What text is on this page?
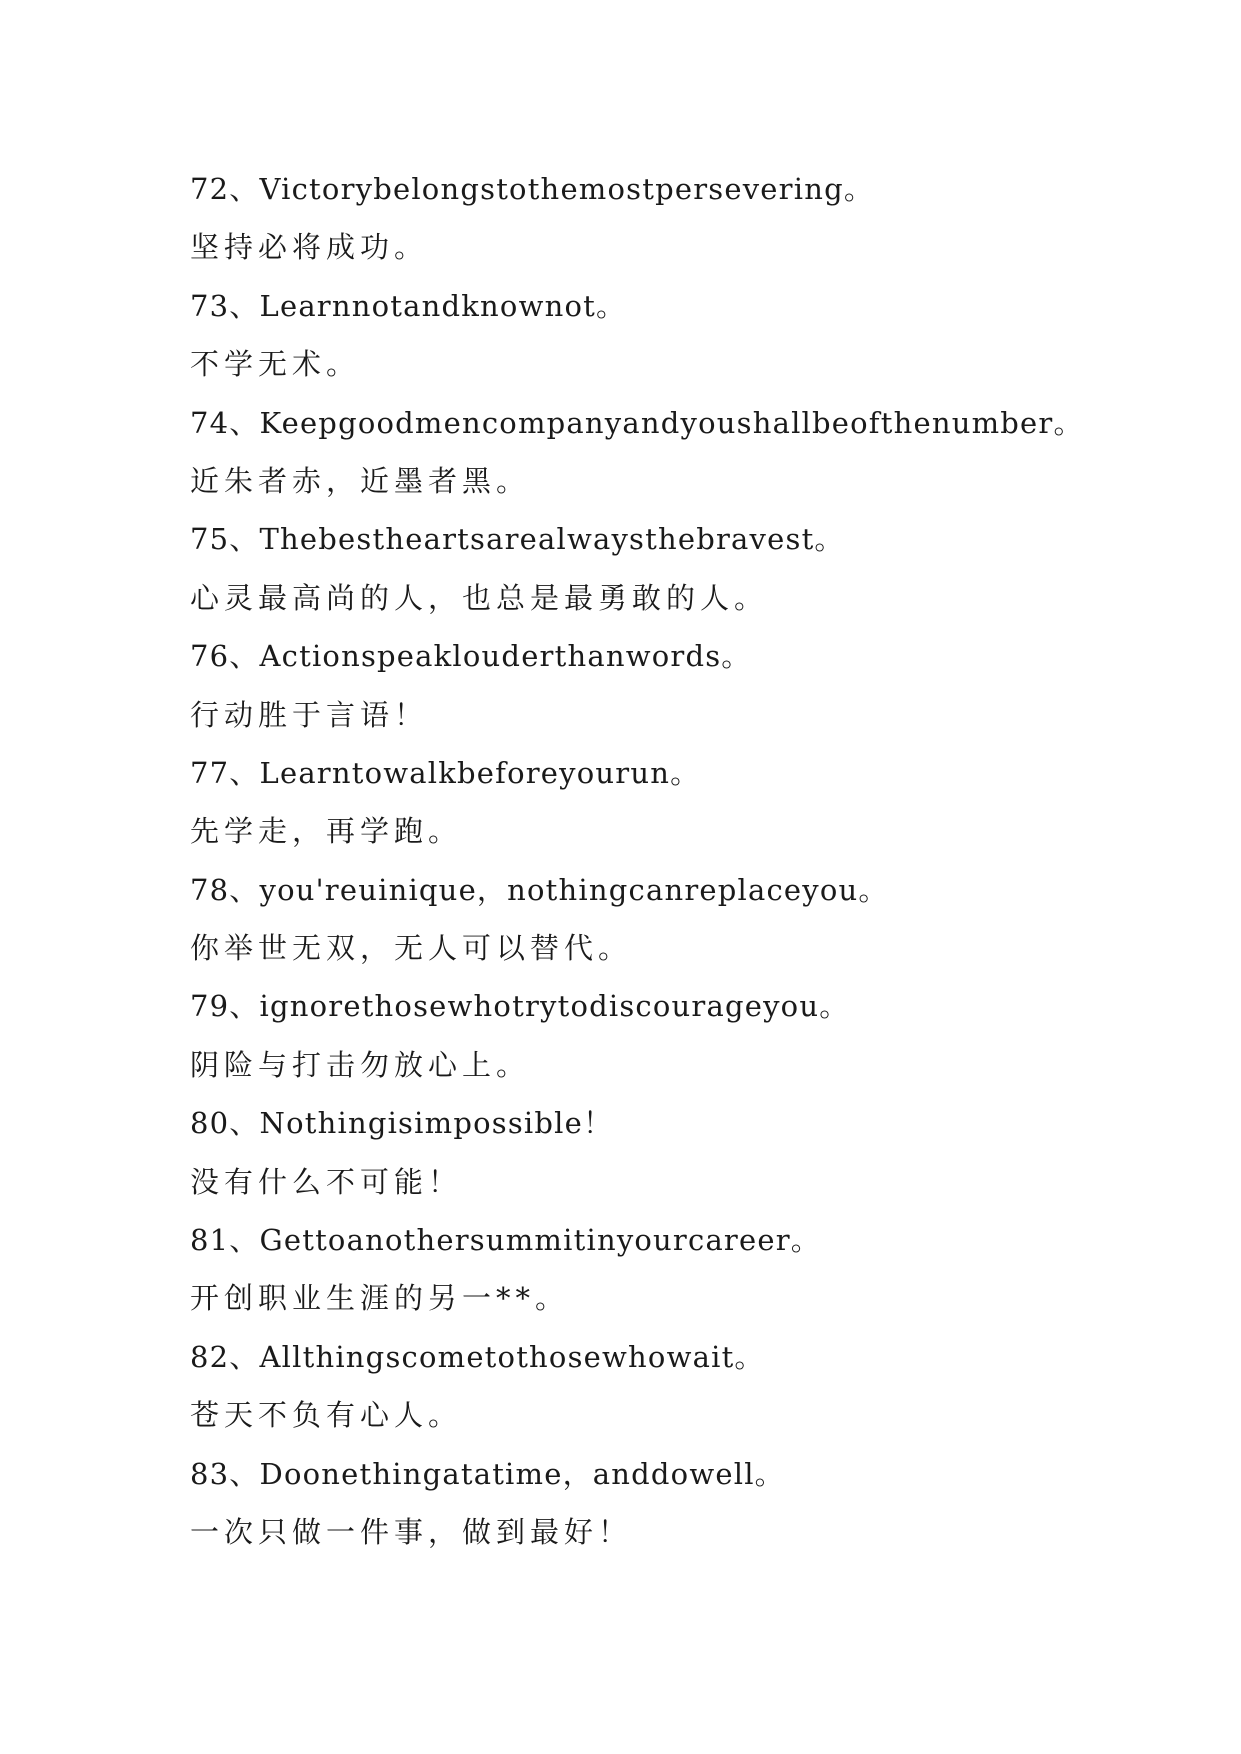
72、Victorybelongstothemostpersevering。
坚持必将成功。
73、Learnnotandknownot。
不学无术。
74、Keepgoodmencompanyandyoushallbeofthenumber。
近朱者赤，近墨者黑。
75、Thebestheartsarealwaysthebravest。
心灵最高尚的人，也总是最勇敢的人。
76、Actionspeaklouderthanwords。
行动胜于言语！
77、Learntowalkbeforeyourun。
先学走，再学跑。
78、you'reuinique，nothingcanreplaceyou。
你举世无双，无人可以替代。
79、ignorethosewhotrytodiscourageyou。
阴险与打击勿放心上。
80、Nothingisimpossible！
没有什么不可能！
81、Gettoanothersummitinyourcareer。
开创职业生涯的另一**。
82、Allthingscometothosewhowait。
苍天不负有心人。
83、Doonethingatatime，anddowell。
一次只做一件事，做到最好！
